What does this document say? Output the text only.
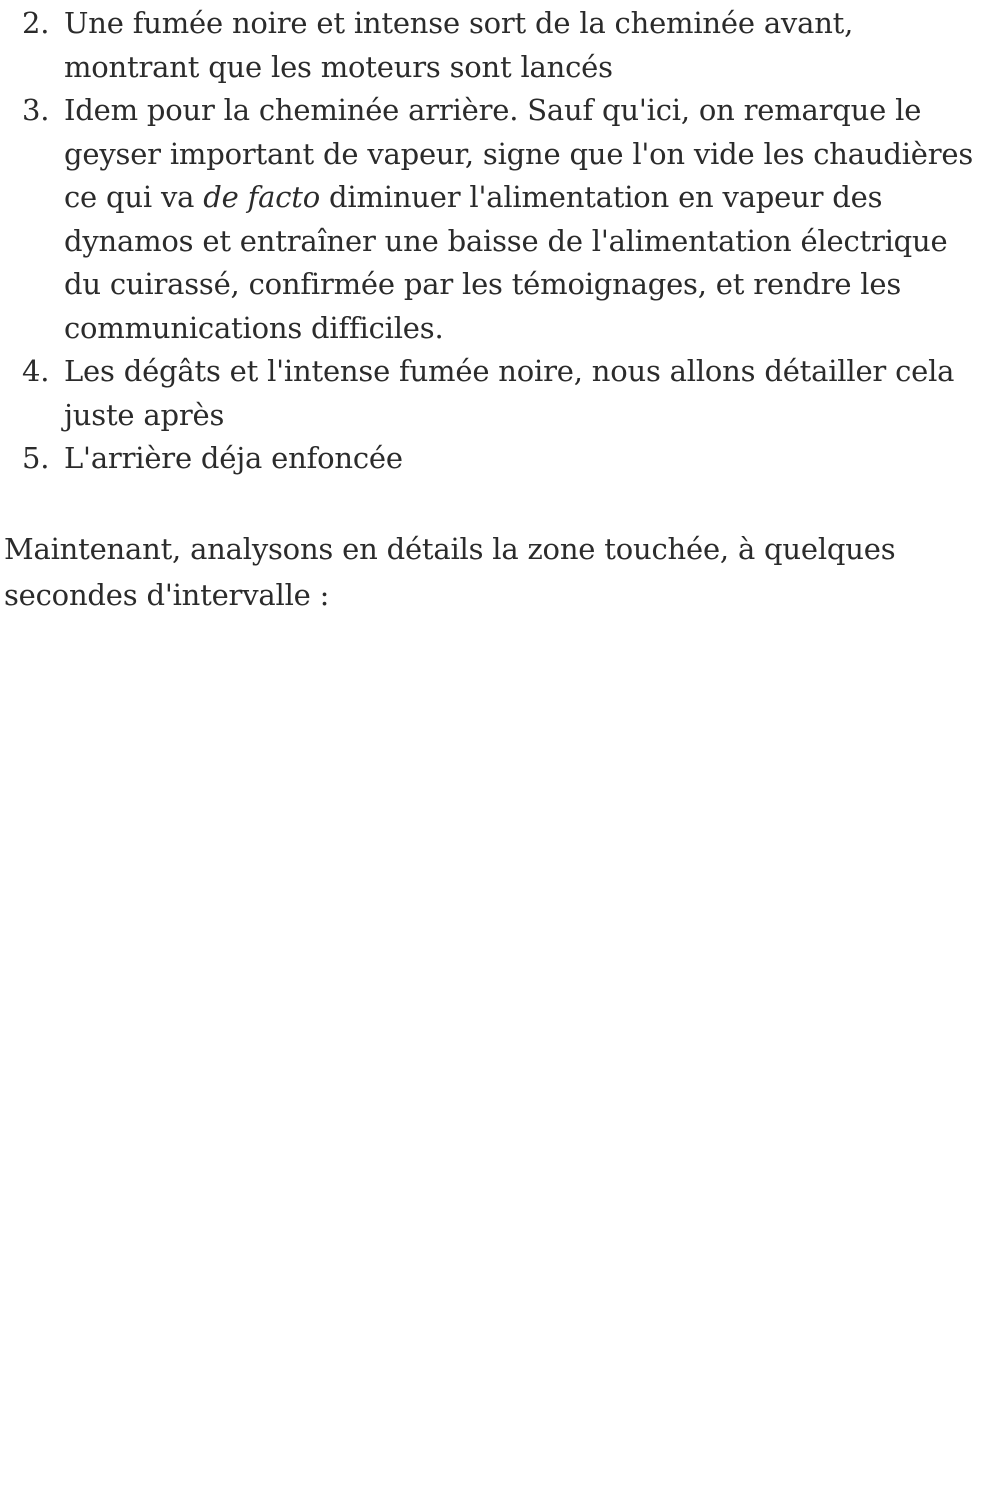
2. Une fumée noire et intense sort de la cheminée avant, montrant que les moteurs sont lancés
3. Idem pour la cheminée arrière. Sauf qu'ici, on remarque le geyser important de vapeur, signe que l'on vide les chaudières ce qui va de facto diminuer l'alimentation en vapeur des dynamos et entraîner une baisse de l'alimentation électrique du cuirassé, confirmée par les témoignages, et rendre les communications difficiles.
4. Les dégâts et l'intense fumée noire, nous allons détailler cela juste après
5. L'arrière déja enfoncée

Maintenant, analysons en détails la zone touchée, à quelques secondes d'intervalle :
